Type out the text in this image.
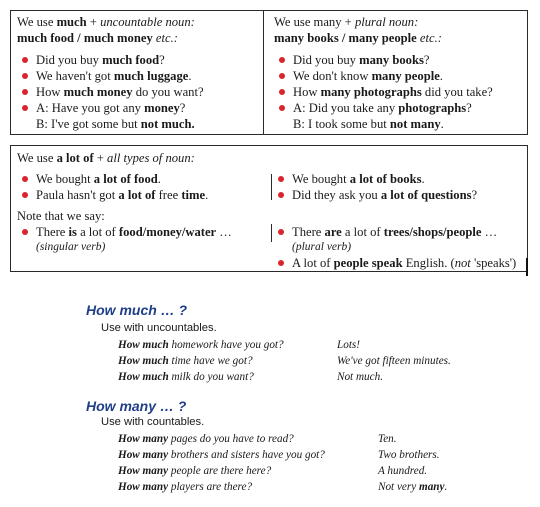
We use much + uncountable noun:
much food / much money etc.:
Did you buy much food?
We haven't got much luggage.
How much money do you want?
A: Have you got any money?
B: I've got some but not much.
We use many + plural noun:
many books / many people etc.:
Did you buy many books?
We don't know many people.
How many photographs did you take?
A: Did you take any photographs?
B: I took some but not many.
We use a lot of + all types of noun:
We bought a lot of food.
Paula hasn't got a lot of free time.
We bought a lot of books.
Did they ask you a lot of questions?
Note that we say:
There is a lot of food/money/water …
(singular verb)
There are a lot of trees/shops/people …
(plural verb)
A lot of people speak English. (not 'speaks')
How much … ?
Use with uncountables.
How much homework have you got?	Lots!
How much time have we got?	We've got fifteen minutes.
How much milk do you want?	Not much.
How many … ?
Use with countables.
How many pages do you have to read?	Ten.
How many brothers and sisters have you got?	Two brothers.
How many people are there here?	A hundred.
How many players are there?	Not very many.
